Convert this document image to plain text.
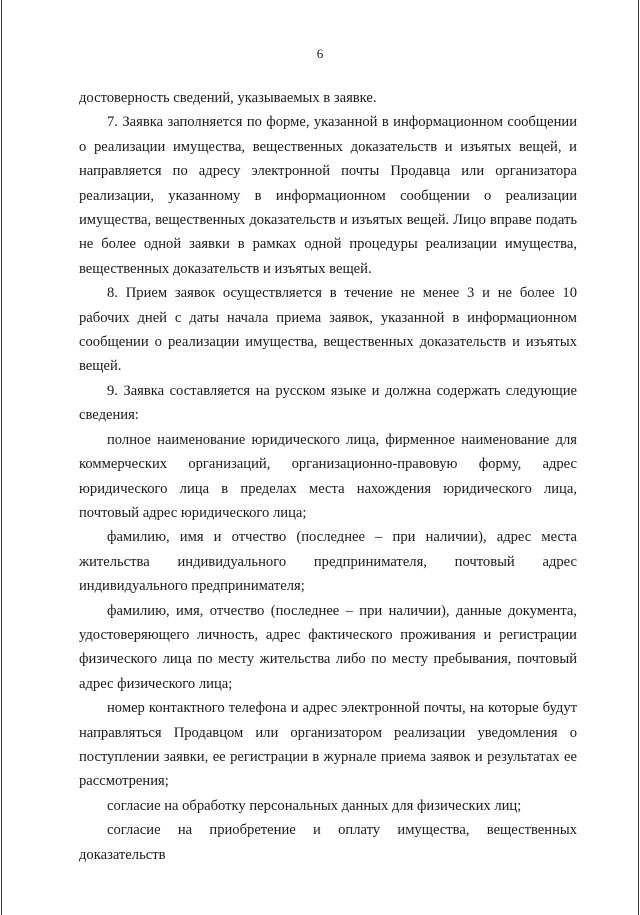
6

достоверность сведений, указываемых в заявке.

7. Заявка заполняется по форме, указанной в информационном сообщении о реализации имущества, вещественных доказательств и изъятых вещей, и направляется по адресу электронной почты Продавца или организатора реализации, указанному в информационном сообщении о реализации имущества, вещественных доказательств и изъятых вещей. Лицо вправе подать не более одной заявки в рамках одной процедуры реализации имущества, вещественных доказательств и изъятых вещей.

8. Прием заявок осуществляется в течение не менее 3 и не более 10 рабочих дней с даты начала приема заявок, указанной в информационном сообщении о реализации имущества, вещественных доказательств и изъятых вещей.

9. Заявка составляется на русском языке и должна содержать следующие сведения:

полное наименование юридического лица, фирменное наименование для коммерческих организаций, организационно-правовую форму, адрес юридического лица в пределах места нахождения юридического лица, почтовый адрес юридического лица;

фамилию, имя и отчество (последнее – при наличии), адрес места жительства индивидуального предпринимателя, почтовый адрес индивидуального предпринимателя;

фамилию, имя, отчество (последнее – при наличии), данные документа, удостоверяющего личность, адрес фактического проживания и регистрации физического лица по месту жительства либо по месту пребывания, почтовый адрес физического лица;

номер контактного телефона и адрес электронной почты, на которые будут направляться Продавцом или организатором реализации уведомления о поступлении заявки, ее регистрации в журнале приема заявок и результатах ее рассмотрения;

согласие на обработку персональных данных для физических лиц;

согласие на приобретение и оплату имущества, вещественных доказательств
